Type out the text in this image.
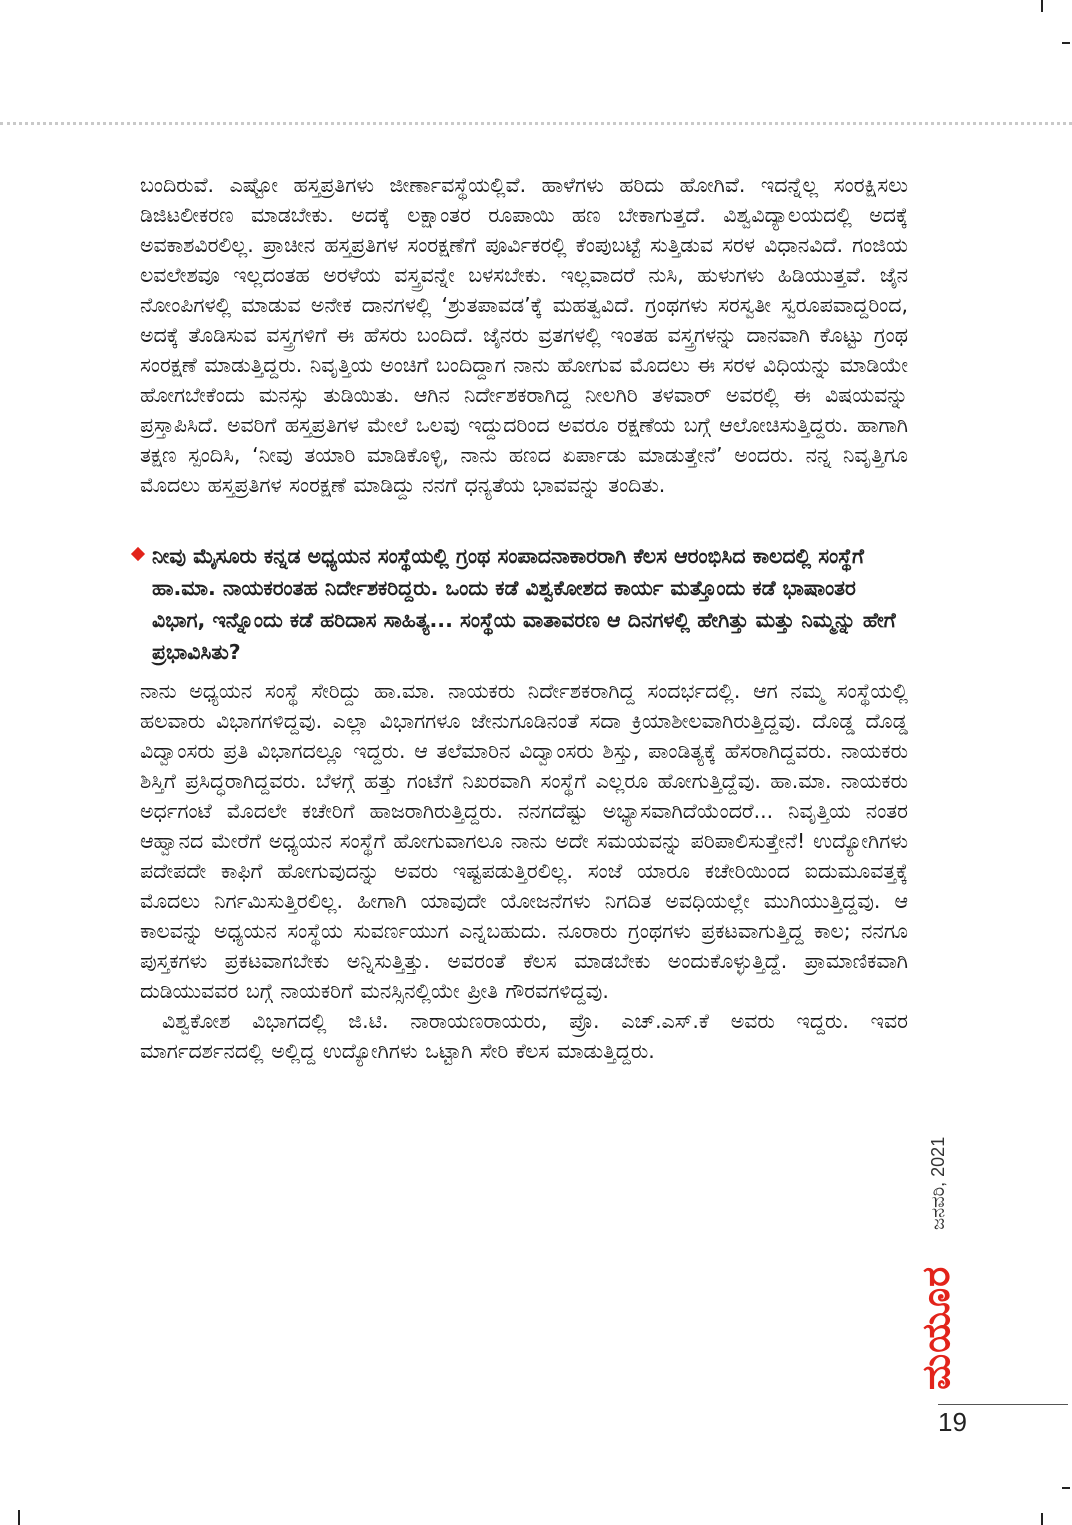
ಬಂದಿರುವೆ. ಎಷ್ಟೋ ಹಸ್ತಪ್ರತಿಗಳು ಜೀರ್ಣಾವಸ್ಥೆಯಲ್ಲಿವೆ. ಹಾಳೆಗಳು ಹರಿದು ಹೋಗಿವೆ. ಇದನ್ನೆಲ್ಲ ಸಂರಕ್ಷಿಸಲು ಡಿಜಿಟಲೀಕರಣ ಮಾಡಬೇಕು. ಅದಕ್ಕೆ ಲಕ್ಷಾಂತರ ರೂಪಾಯಿ ಹಣ ಬೇಕಾಗುತ್ತದೆ. ವಿಶ್ವವಿದ್ಯಾಲಯದಲ್ಲಿ ಅದಕ್ಕೆ ಅವಕಾಶವಿರಲಿಲ್ಲ. ಪ್ರಾಚೀನ ಹಸ್ತಪ್ರತಿಗಳ ಸಂರಕ್ಷಣೆಗೆ ಪೂರ್ವಿಕರಲ್ಲಿ ಕೆಂಪುಬಟ್ಟೆ ಸುತ್ತಿಡುವ ಸರಳ ವಿಧಾನವಿದೆ. ಗಂಜಿಯ ಲವಲೇಶವೂ ಇಲ್ಲದಂತಹ ಅರಳೆಯ ವಸ್ತ್ರವನ್ನೇ ಬಳಸಬೇಕು. ಇಲ್ಲವಾದರೆ ನುಸಿ, ಹುಳುಗಳು ಹಿಡಿಯುತ್ತವೆ. ಜೈನ ನೋಂಪಿಗಳಲ್ಲಿ ಮಾಡುವ ಅನೇಕ ದಾನಗಳಲ್ಲಿ ‘ಶ್ರುತಪಾವಡ’ಕ್ಕೆ ಮಹತ್ವವಿದೆ. ಗ್ರಂಥಗಳು ಸರಸ್ವತೀ ಸ್ವರೂಪವಾದ್ದರಿಂದ, ಅದಕ್ಕೆ ತೊಡಿಸುವ ವಸ್ತ್ರಗಳಿಗೆ ಈ ಹೆಸರು ಬಂದಿದೆ. ಜೈನರು ವ್ರತಗಳಲ್ಲಿ ಇಂತಹ ವಸ್ತ್ರಗಳನ್ನು ದಾನವಾಗಿ ಕೊಟ್ಟು ಗ್ರಂಥ ಸಂರಕ್ಷಣೆ ಮಾಡುತ್ತಿದ್ದರು. ನಿವೃತ್ತಿಯ ಅಂಚಿಗೆ ಬಂದಿದ್ದಾಗ ನಾನು ಹೋಗುವ ಮೊದಲು ಈ ಸರಳ ವಿಧಿಯನ್ನು ಮಾಡಿಯೇ ಹೋಗಬೇಕೆಂದು ಮನಸ್ಸು ತುಡಿಯಿತು. ಆಗಿನ ನಿರ್ದೇಶಕರಾಗಿದ್ದ ನೀಲಗಿರಿ ತಳವಾರ್ ಅವರಲ್ಲಿ ಈ ವಿಷಯವನ್ನು ಪ್ರಸ್ತಾಪಿಸಿದೆ. ಅವರಿಗೆ ಹಸ್ತಪ್ರತಿಗಳ ಮೇಲೆ ಒಲವು ಇದ್ದುದರಿಂದ ಅವರೂ ರಕ್ಷಣೆಯ ಬಗ್ಗೆ ಆಲೋಚಿಸುತ್ತಿದ್ದರು. ಹಾಗಾಗಿ ತಕ್ಷಣ ಸ್ಪಂದಿಸಿ, ‘ನೀವು ತಯಾರಿ ಮಾಡಿಕೊಳ್ಳಿ, ನಾನು ಹಣದ ಏರ್ಪಾಡು ಮಾಡುತ್ತೇನೆ’ ಅಂದರು. ನನ್ನ ನಿವೃತ್ತಿಗೂ ಮೊದಲು ಹಸ್ತಪ್ರತಿಗಳ ಸಂರಕ್ಷಣೆ ಮಾಡಿದ್ದು ನನಗೆ ಧನ್ಯತೆಯ ಭಾವವನ್ನು ತಂದಿತು.

ನೀವು ಮೈಸೂರು ಕನ್ನಡ ಅಧ್ಯಯನ ಸಂಸ್ಥೆಯಲ್ಲಿ ಗ್ರಂಥ ಸಂಪಾದನಾಕಾರರಾಗಿ ಕೆಲಸ ಆರಂಭಿಸಿದ ಕಾಲದಲ್ಲಿ ಸಂಸ್ಥೆಗೆ ಹಾ.ಮಾ. ನಾಯಕರಂತಹ ನಿರ್ದೇಶಕರಿದ್ದರು. ಒಂದು ಕಡೆ ವಿಶ್ವಕೋಶದ ಕಾರ್ಯ ಮತ್ತೊಂದು ಕಡೆ ಭಾಷಾಂತರ ವಿಭಾಗ, ಇನ್ನೊಂದು ಕಡೆ ಹರಿದಾಸ ಸಾಹಿತ್ಯ... ಸಂಸ್ಥೆಯ ವಾತಾವರಣ ಆ ದಿನಗಳಲ್ಲಿ ಹೇಗಿತ್ತು ಮತ್ತು ನಿಮ್ಮನ್ನು ಹೇಗೆ ಪ್ರಭಾವಿಸಿತು?

ನಾನು ಅಧ್ಯಯನ ಸಂಸ್ಥೆ ಸೇರಿದ್ದು ಹಾ.ಮಾ. ನಾಯಕರು ನಿರ್ದೇಶಕರಾಗಿದ್ದ ಸಂದರ್ಭದಲ್ಲಿ. ಆಗ ನಮ್ಮ ಸಂಸ್ಥೆಯಲ್ಲಿ ಹಲವಾರು ವಿಭಾಗಗಳಿದ್ದವು. ಎಲ್ಲಾ ವಿಭಾಗಗಳೂ ಜೇನುಗೂಡಿನಂತೆ ಸದಾ ಕ್ರಿಯಾಶೀಲವಾಗಿರುತ್ತಿದ್ದವು. ದೊಡ್ಡ ದೊಡ್ಡ ವಿದ್ವಾಂಸರು ಪ್ರತಿ ವಿಭಾಗದಲ್ಲೂ ಇದ್ದರು. ಆ ತಲೆಮಾರಿನ ವಿದ್ವಾಂಸರು ಶಿಸ್ತು, ಪಾಂಡಿತ್ಯಕ್ಕೆ ಹೆಸರಾಗಿದ್ದವರು. ನಾಯಕರು ಶಿಸ್ತಿಗೆ ಪ್ರಸಿದ್ಧರಾಗಿದ್ದವರು. ಬೆಳಗ್ಗೆ ಹತ್ತು ಗಂಟೆಗೆ ನಿಖರವಾಗಿ ಸಂಸ್ಥೆಗೆ ಎಲ್ಲರೂ ಹೋಗುತ್ತಿದ್ದೆವು. ಹಾ.ಮಾ. ನಾಯಕರು ಅರ್ಧಗಂಟೆ ಮೊದಲೇ ಕಚೇರಿಗೆ ಹಾಜರಾಗಿರುತ್ತಿದ್ದರು. ನನಗದೆಷ್ಟು ಅಭ್ಯಾಸವಾಗಿದೆಯೆಂದರೆ... ನಿವೃತ್ತಿಯ ನಂತರ ಆಹ್ವಾನದ ಮೇರೆಗೆ ಅಧ್ಯಯನ ಸಂಸ್ಥೆಗೆ ಹೋಗುವಾಗಲೂ ನಾನು ಅದೇ ಸಮಯವನ್ನು ಪರಿಪಾಲಿಸುತ್ತೇನೆ! ಉದ್ಯೋಗಿಗಳು ಪದೇಪದೇ ಕಾಫಿಗೆ ಹೋಗುವುದನ್ನು ಅವರು ಇಷ್ಟಪಡುತ್ತಿರಲಿಲ್ಲ. ಸಂಜೆ ಯಾರೂ ಕಚೇರಿಯಿಂದ ಐದುಮೂವತ್ತಕ್ಕೆ ಮೊದಲು ನಿರ್ಗಮಿಸುತ್ತಿರಲಿಲ್ಲ. ಹೀಗಾಗಿ ಯಾವುದೇ ಯೋಜನೆಗಳು ನಿಗದಿತ ಅವಧಿಯಲ್ಲೇ ಮುಗಿಯುತ್ತಿದ್ದವು. ಆ ಕಾಲವನ್ನು ಅಧ್ಯಯನ ಸಂಸ್ಥೆಯ ಸುವರ್ಣಯುಗ ಎನ್ನಬಹುದು. ನೂರಾರು ಗ್ರಂಥಗಳು ಪ್ರಕಟವಾಗುತ್ತಿದ್ದ ಕಾಲ; ನನಗೂ ಪುಸ್ತಕಗಳು ಪ್ರಕಟವಾಗಬೇಕು ಅನ್ನಿಸುತ್ತಿತ್ತು. ಅವರಂತೆ ಕೆಲಸ ಮಾಡಬೇಕು ಅಂದುಕೊಳ್ಳುತ್ತಿದ್ದೆ. ಪ್ರಾಮಾಣಿಕವಾಗಿ ದುಡಿಯುವವರ ಬಗ್ಗೆ ನಾಯಕರಿಗೆ ಮನಸ್ಸಿನಲ್ಲಿಯೇ ಪ್ರೀತಿ ಗೌರವಗಳಿದ್ದವು.

ವಿಶ್ವಕೋಶ ವಿಭಾಗದಲ್ಲಿ ಜಿ.ಟಿ. ನಾರಾಯಣರಾಯರು, ಪ್ರೊ. ಎಚ್.ಎಸ್.ಕೆ ಅವರು ಇದ್ದರು. ಇವರ ಮಾರ್ಗದರ್ಶನದಲ್ಲಿ ಅಲ್ಲಿದ್ದ ಉದ್ಯೋಗಿಗಳು ಒಟ್ಟಾಗಿ ಸೇರಿ ಕೆಲಸ ಮಾಡುತ್ತಿದ್ದರು.

ಜನವರಿ, 2021
ಮಯೂರ
19
